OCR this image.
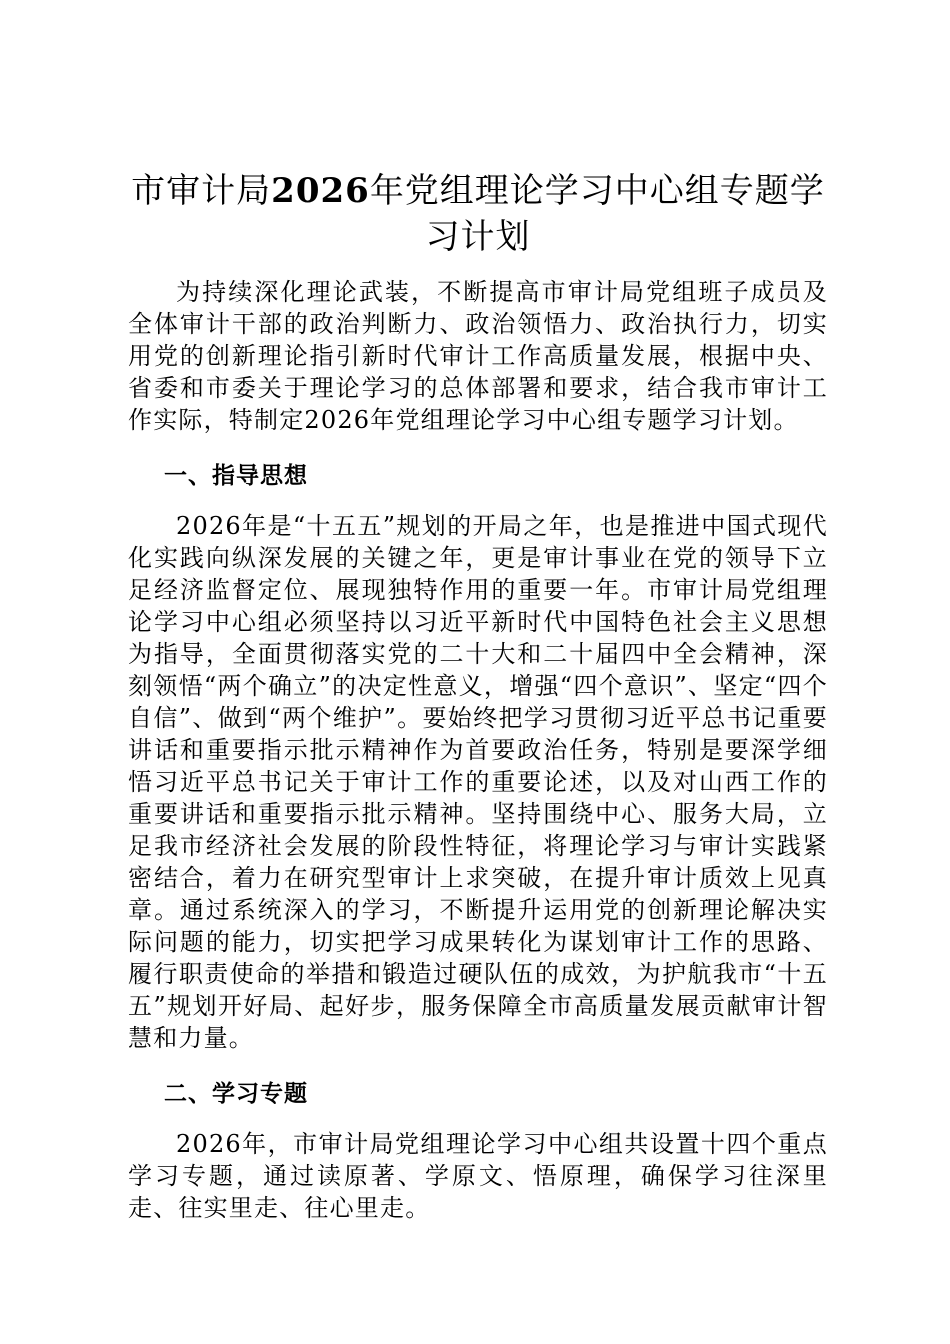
市审计局2026年党组理论学习中心组专题学习计划

为持续深化理论武装，不断提高市审计局党组班子成员及全体审计干部的政治判断力、政治领悟力、政治执行力，切实用党的创新理论指引新时代审计工作高质量发展，根据中央、省委和市委关于理论学习的总体部署和要求，结合我市审计工作实际，特制定2026年党组理论学习中心组专题学习计划。

一、指导思想

2026年是“十五五”规划的开局之年，也是推进中国式现代化实践向纵深发展的关键之年，更是审计事业在党的领导下立足经济监督定位、展现独特作用的重要一年。市审计局党组理论学习中心组必须坚持以习近平新时代中国特色社会主义思想为指导，全面贯彻落实党的二十大和二十届四中全会精神，深刻领悟“两个确立”的决定性意义，增强“四个意识”、坚定“四个自信”、做到“两个维护”。要始终把学习贯彻习近平总书记重要讲话和重要指示批示精神作为首要政治任务，特别是要深学细悟习近平总书记关于审计工作的重要论述，以及对山西工作的重要讲话和重要指示批示精神。坚持围绕中心、服务大局，立足我市经济社会发展的阶段性特征，将理论学习与审计实践紧密结合，着力在研究型审计上求突破，在提升审计质效上见真章。通过系统深入的学习，不断提升运用党的创新理论解决实际问题的能力，切实把学习成果转化为谋划审计工作的思路、履行职责使命的举措和锻造过硬队伍的成效，为护航我市“十五五”规划开好局、起好步，服务保障全市高质量发展贡献审计智慧和力量。

二、学习专题

2026年，市审计局党组理论学习中心组共设置十四个重点学习专题，通过读原著、学原文、悟原理，确保学习往深里走、往实里走、往心里走。
